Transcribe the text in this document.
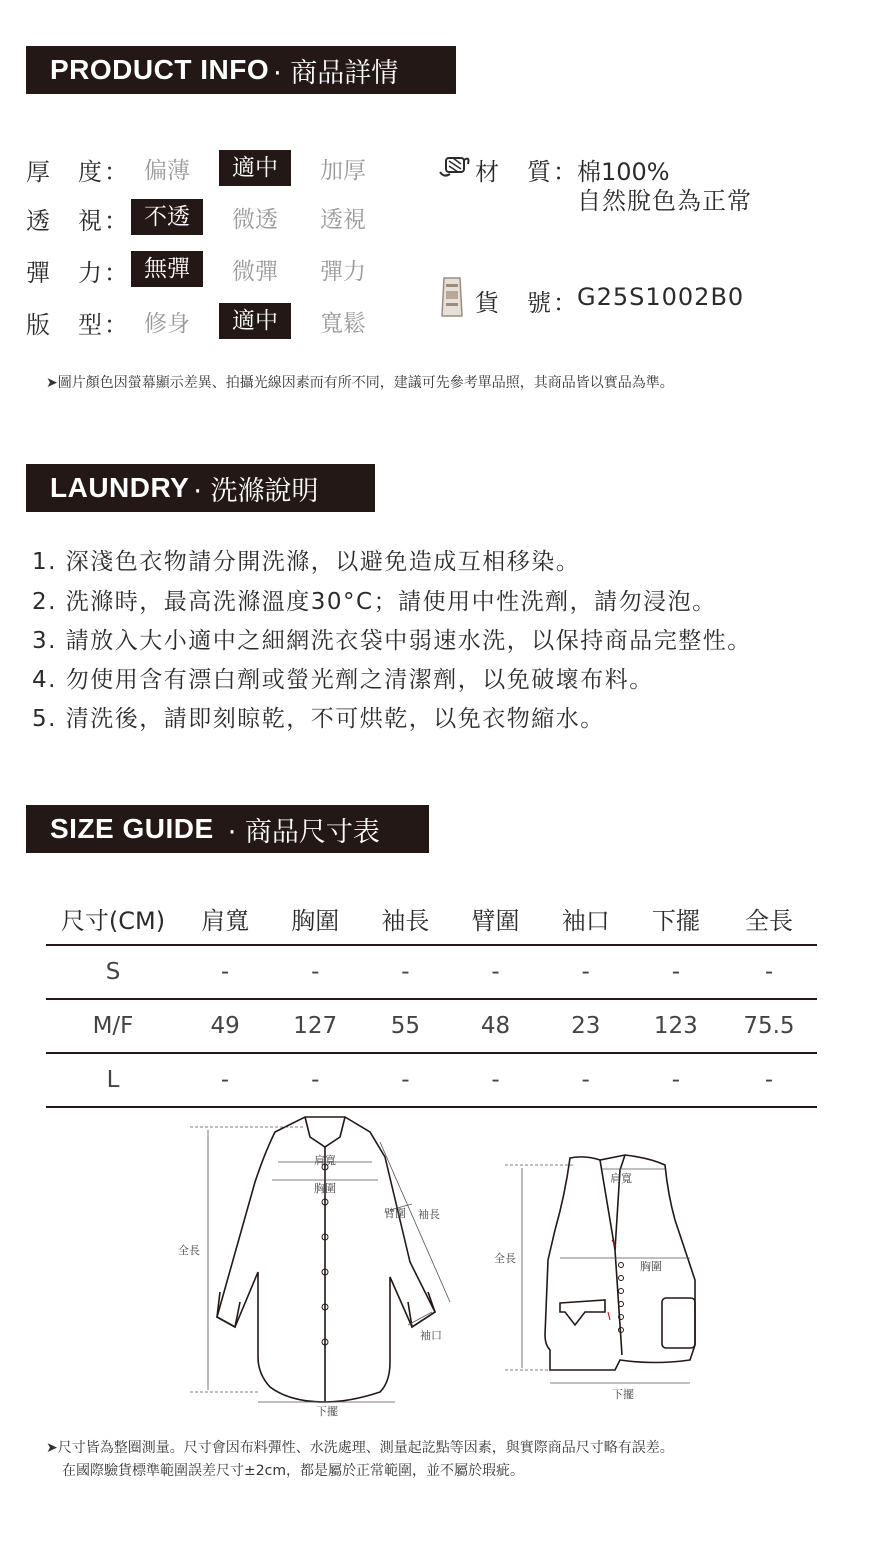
PRODUCT INFO · 商品詳情
厚　度： 偏薄	適中	加厚
透　視： 不透	微透	透視
彈　力： 無彈	微彈	彈力
版　型： 修身	適中	寬鬆
材　質：
棉100%
自然脫色為正常
貨　號：
G25S1002B0
➤圖片顏色因螢幕顯示差異、拍攝光線因素而有所不同，建議可先參考單品照，其商品皆以實品為準。
LAUNDRY · 洗滌說明
1. 深淺色衣物請分開洗滌，以避免造成互相移染。
2. 洗滌時，最高洗滌溫度30°C；請使用中性洗劑，請勿浸泡。
3. 請放入大小適中之細網洗衣袋中弱速水洗，以保持商品完整性。
4. 勿使用含有漂白劑或螢光劑之清潔劑，以免破壞布料。
5. 清洗後，請即刻晾乾，不可烘乾，以免衣物縮水。
SIZE GUIDE · 商品尺寸表
尺寸(CM)	肩寬	胸圍	袖長	臂圍	袖口	下擺	全長
S	-	-	-	-	-	-	-
M/F	49	127	55	48	23	123	75.5
L	-	-	-	-	-	-	-
肩寬
胸圍
臂圍 袖長
全長
袖口
下擺
肩寬
胸圍
全長
下擺
➤尺寸皆為整圈測量。尺寸會因布料彈性、水洗處理、測量起訖點等因素，與實際商品尺寸略有誤差。
在國際驗貨標準範圍誤差尺寸±2cm，都是屬於正常範圍，並不屬於瑕疵。
